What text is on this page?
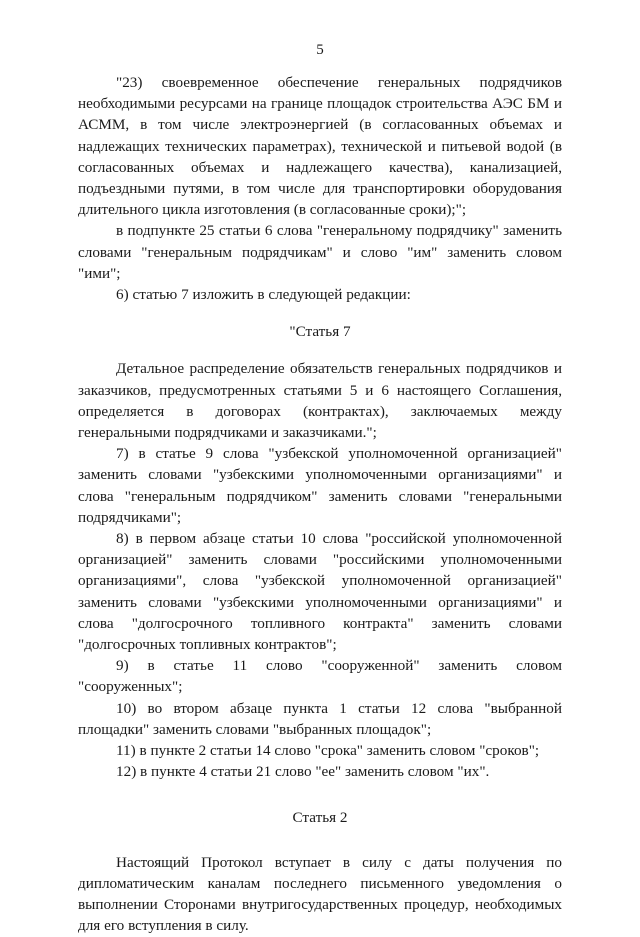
5

"23) своевременное обеспечение генеральных подрядчиков необходимыми ресурсами на границе площадок строительства АЭС БМ и АСММ, в том числе электроэнергией (в согласованных объемах и надлежащих технических параметрах), технической и питьевой водой (в согласованных объемах и надлежащего качества), канализацией, подъездными путями, в том числе для транспортировки оборудования длительного цикла изготовления (в согласованные сроки);";

в подпункте 25 статьи 6 слова "генеральному подрядчику" заменить словами "генеральным подрядчикам" и слово "им" заменить словом "ими";

6) статью 7 изложить в следующей редакции:

"Статья 7

Детальное распределение обязательств генеральных подрядчиков и заказчиков, предусмотренных статьями 5 и 6 настоящего Соглашения, определяется в договорах (контрактах), заключаемых между генеральными подрядчиками и заказчиками.";

7) в статье 9 слова "узбекской уполномоченной организацией" заменить словами "узбекскими уполномоченными организациями" и слова "генеральным подрядчиком" заменить словами "генеральными подрядчиками";

8) в первом абзаце статьи 10 слова "российской уполномоченной организацией" заменить словами "российскими уполномоченными организациями", слова "узбекской уполномоченной организацией" заменить словами "узбекскими уполномоченными организациями" и слова "долгосрочного топливного контракта" заменить словами "долгосрочных топливных контрактов";

9) в статье 11 слово "сооруженной" заменить словом "сооруженных";

10) во втором абзаце пункта 1 статьи 12 слова "выбранной площадки" заменить словами "выбранных площадок";

11) в пункте 2 статьи 14 слово "срока" заменить словом "сроков";

12) в пункте 4 статьи 21 слово "ее" заменить словом "их".

Статья 2

Настоящий Протокол вступает в силу с даты получения по дипломатическим каналам последнего письменного уведомления о выполнении Сторонами внутригосударственных процедур, необходимых для его вступления в силу.
